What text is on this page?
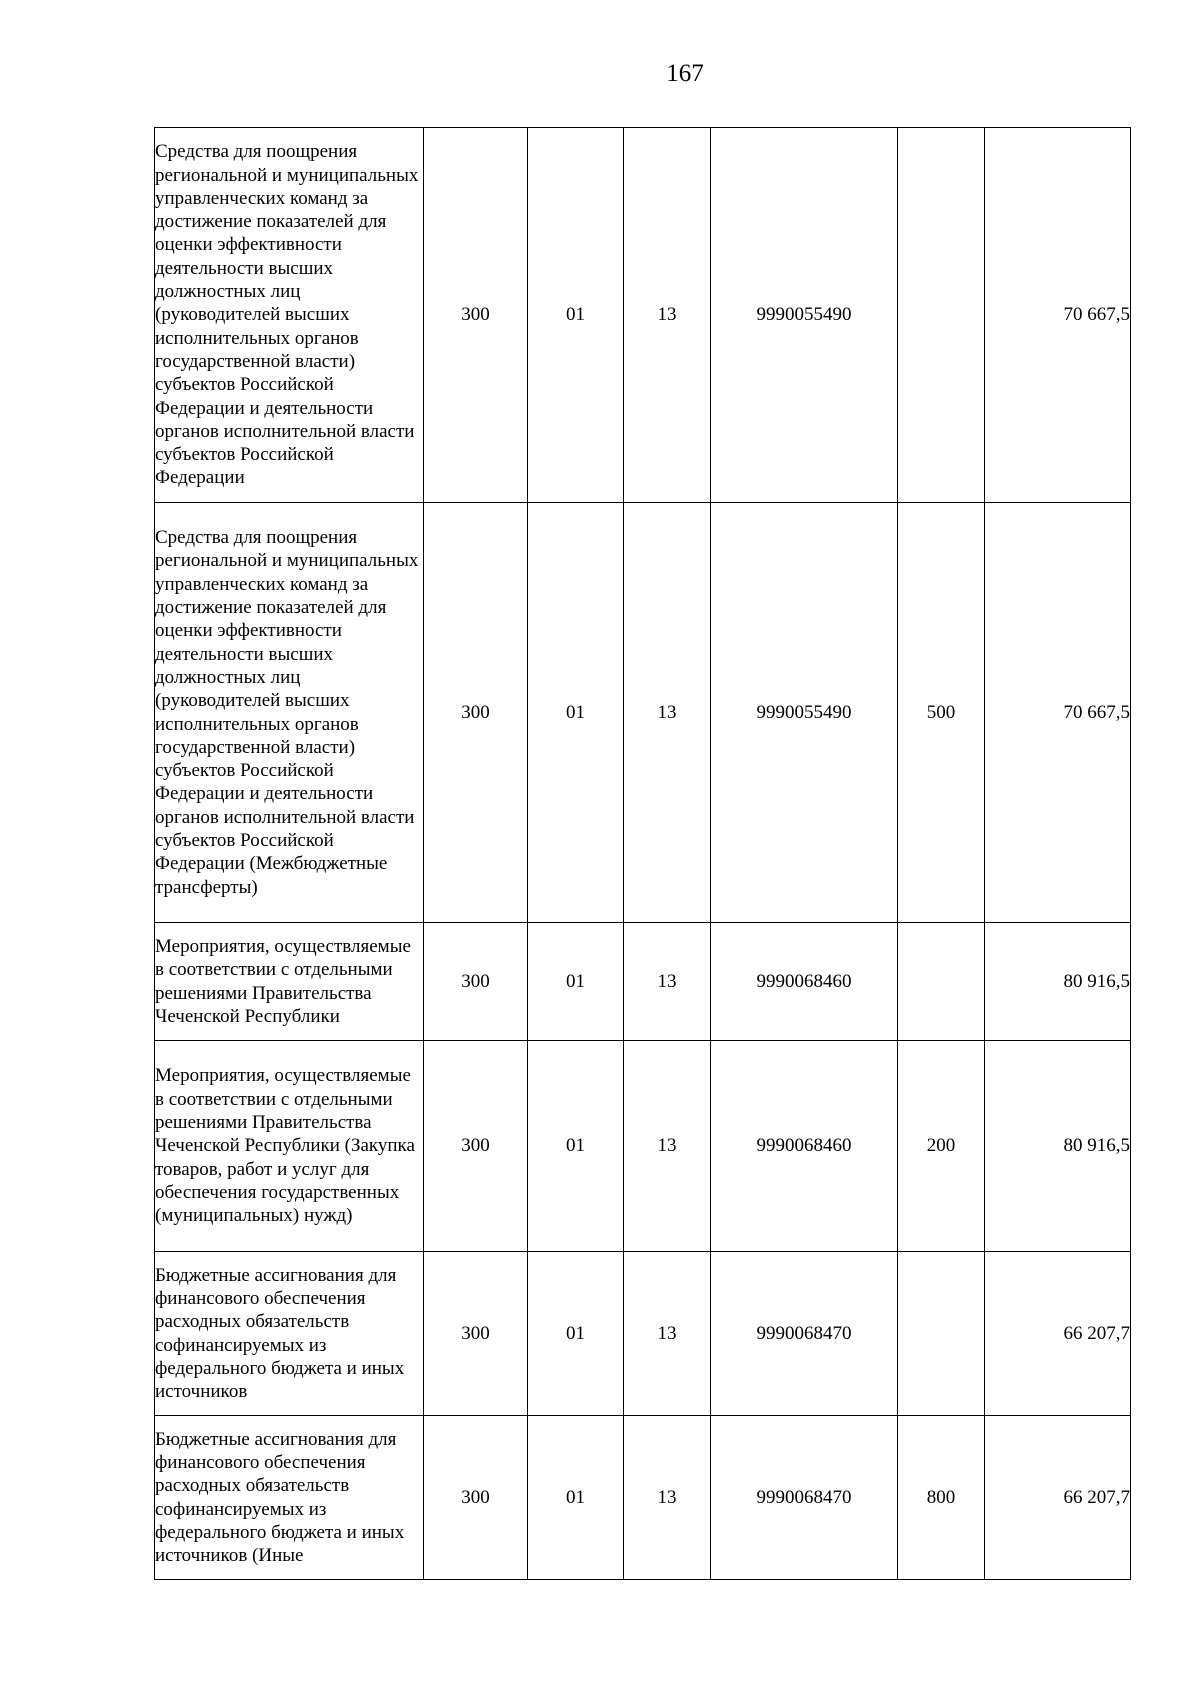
167
Средства для поощрения региональной и муниципальных управленческих команд за достижение показателей для оценки эффективности деятельности высших должностных лиц (руководителей высших исполнительных органов государственной власти) субъектов Российской Федерации и деятельности органов исполнительной власти субъектов Российской Федерации	300	01	13	9990055490		70 667,5
Средства для поощрения региональной и муниципальных управленческих команд за достижение показателей для оценки эффективности деятельности высших должностных лиц (руководителей высших исполнительных органов государственной власти) субъектов Российской Федерации и деятельности органов исполнительной власти субъектов Российской Федерации (Межбюджетные трансферты)	300	01	13	9990055490	500	70 667,5
Мероприятия, осуществляемые в соответствии с отдельными решениями Правительства Чеченской Республики	300	01	13	9990068460		80 916,5
Мероприятия, осуществляемые в соответствии с отдельными решениями Правительства Чеченской Республики (Закупка товаров, работ и услуг для обеспечения государственных (муниципальных) нужд)	300	01	13	9990068460	200	80 916,5
Бюджетные ассигнования для финансового обеспечения расходных обязательств софинансируемых из федерального бюджета и иных источников	300	01	13	9990068470		66 207,7
Бюджетные ассигнования для финансового обеспечения расходных обязательств софинансируемых из федерального бюджета и иных источников (Иные	300	01	13	9990068470	800	66 207,7
